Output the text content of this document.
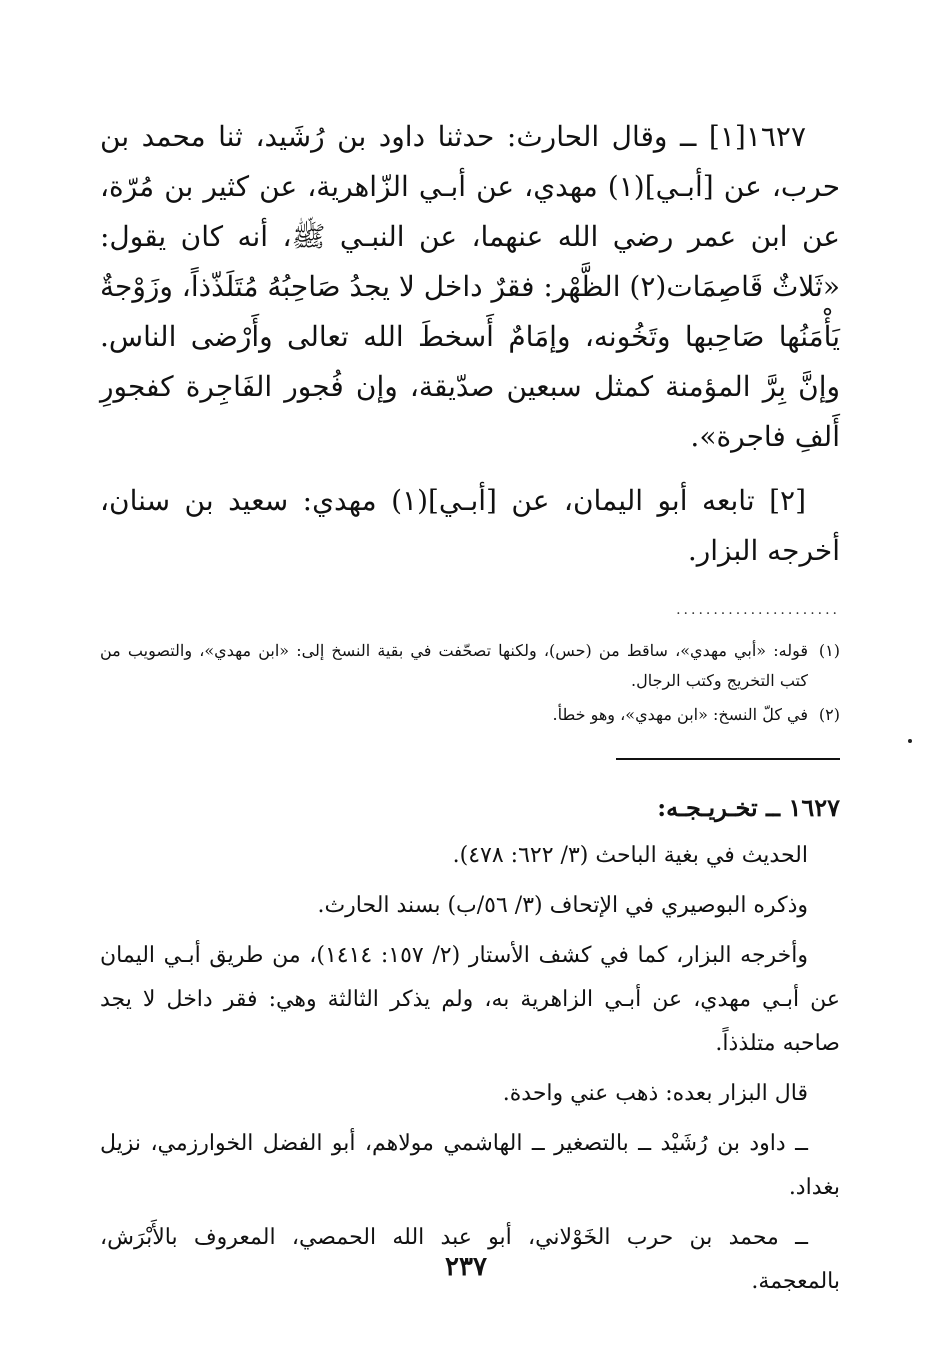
١٦٢٧[١] ــ وقال الحارث: حدثنا داود بن رُشَيد، ثنا محمد بن حرب، عن [أبـي](١) مهدي، عن أبـي الزّاهرية، عن كثير بن مُرّة، عن ابن عمر رضي الله عنهما، عن النبـي ﷺ، أنه كان يقول: «ثَلاثٌ قَاصِمَات(٢) الظَّهْر: فقرٌ داخل لا يجدُ صَاحِبُهُ مُتَلَذّذاً، وزَوْجةٌ يَأْمَنُها صَاحِبها وتَخُونه، وإمَامٌ أَسخطَ الله تعالى وأَرْضى الناس. وإنَّ بِرَّ المؤمنة كمثل سبعين صدّيقة، وإن فُجور الفَاجِرة كفجورِ أَلفِ فاجرة».

[٢] تابعه أبو اليمان، عن [أبـي](١) مهدي: سعيد بن سنان، أخرجه البزار.

......................
(١)
قوله: «أبي مهدي»، ساقط من (حس)، ولكنها تصحّفت في بقية النسخ إلى: «ابن مهدي»، والتصويب من كتب التخريج وكتب الرجال.
(٢)
في كلّ النسخ: «ابن مهدي»، وهو خطأ.
١٦٢٧ ــ تخـريـجـه:

الحديث في بغية الباحث (٣/ ٦٢٢: ٤٧٨).

وذكره البوصيري في الإتحاف (٣/ ٥٦/ب) بسند الحارث.

وأخرجه البزار، كما في كشف الأستار (٢/ ١٥٧: ١٤١٤)، من طريق أبـي اليمان عن أبـي مهدي، عن أبـي الزاهرية به، ولم يذكر الثالثة وهي: فقر داخل لا يجد صاحبه متلذذاً.

قال البزار بعده: ذهب عني واحدة.

ــ داود بن رُشَيْد ــ بالتصغير ــ الهاشمي مولاهم، أبو الفضل الخوارزمي، نزيل بغداد.

ــ محمد بن حرب الخَوْلاني، أبو عبد الله الحمصي، المعروف بالأَبْرَش، بالمعجمة.

٢٣٧
